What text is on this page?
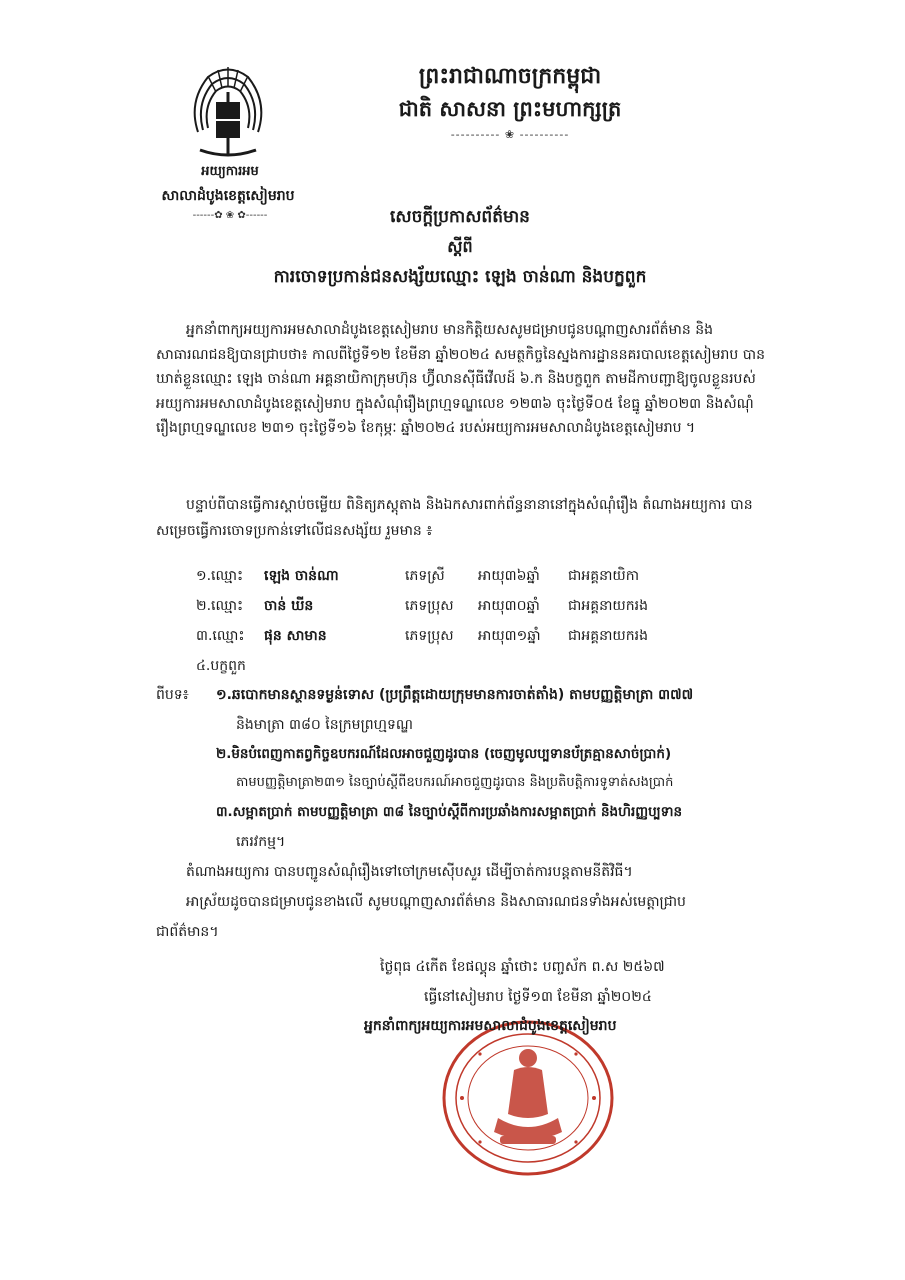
ព្រះរាជាណាចក្រកម្ពុជា
ជាតិ សាសនា ព្រះមហាក្សត្រ
---------- ❀ ----------
អយ្យការអម
សាលាដំបូងខេត្តសៀមរាប
------✿ ❀ ✿------	សេចក្តីប្រកាសព័ត៌មាន
ស្តីពី
ការចោទប្រកាន់ជនសង្ស័យឈ្មោះ ឡេង ចាន់ណា និងបក្ខពួក
អ្នកនាំពាក្យអយ្យការអមសាលាដំបូងខេត្តសៀមរាប មានកិត្តិយសសូមជម្រាបជូនបណ្តាញសារព័ត៌មាន និងសាធារណជនឱ្យបានជ្រាបថា៖ កាលពីថ្ងៃទី១២ ខែមីនា ឆ្នាំ២០២៤ សមត្ថកិច្ចនៃស្នងការដ្ឋាននគរបាលខេត្តសៀមរាប បានឃាត់ខ្លួនឈ្មោះ ឡេង ចាន់ណា អគ្គនាយិកាក្រុមហ៊ុន ហ្វ៊ីលានស៊ីធីវើលដ៍ ៦.ក និងបក្ខពួក តាមដីកាបញ្ជាឱ្យចូលខ្លួនរបស់អយ្យការអមសាលាដំបូងខេត្តសៀមរាប ក្នុងសំណុំរឿងព្រហ្មទណ្ឌលេខ ១២៣៦ ចុះថ្ងៃទី០៥ ខែធ្នូ ឆ្នាំ២០២៣ និងសំណុំរឿងព្រហ្មទណ្ឌលេខ ២៣១ ចុះថ្ងៃទី១៦ ខែកុម្ភៈ ឆ្នាំ២០២៤ របស់អយ្យការអមសាលាដំបូងខេត្តសៀមរាប ។
បន្ទាប់ពីបានធ្វើការស្តាប់ចម្លើយ ពិនិត្យភស្តុតាង និងឯកសារពាក់ព័ន្ធនានានៅក្នុងសំណុំរឿង តំណាងអយ្យការ បានសម្រេចធ្វើការចោទប្រកាន់ទៅលើជនសង្ស័យ រួមមាន ៖
១.ឈ្មោះ ឡេង ចាន់ណា	ភេទស្រី អាយុ៣៦ឆ្នាំ ជាអគ្គនាយិកា
២.ឈ្មោះ ចាន់ ឃីន	ភេទប្រុស អាយុ៣០ឆ្នាំ ជាអគ្គនាយករង
៣.ឈ្មោះ ផុន សាមាន	ភេទប្រុស អាយុ៣១ឆ្នាំ ជាអគ្គនាយករង
៤.បក្ខពួក
ពីបទ៖ ១.ឆបោកមានស្ថានទម្ងន់ទោស (ប្រព្រឹត្តដោយក្រុមមានការចាត់តាំង) តាមបញ្ញត្តិមាត្រា ៣៧៧
និងមាត្រា ៣៨០ នៃក្រមព្រហ្មទណ្ឌ
២.មិនបំពេញកាតព្វកិច្ចឧបករណ៍ដែលអាចជួញដូរបាន (ចេញមូលប្បទានប័ត្រគ្មានសាច់ប្រាក់)
តាមបញ្ញត្តិមាត្រា២៣១ នៃច្បាប់ស្តីពីឧបករណ៍អាចជួញដូរបាន និងប្រតិបត្តិការទូទាត់សងប្រាក់
៣.សម្អាតប្រាក់ តាមបញ្ញត្តិមាត្រា ៣៨ នៃច្បាប់ស្តីពីការប្រឆាំងការសម្អាតប្រាក់ និងហិរញ្ញប្បទាន
ភេរវកម្ម។
តំណាងអយ្យការ បានបញ្ជូនសំណុំរឿងទៅចៅក្រមស៊ើបសួរ ដើម្បីចាត់ការបន្តតាមនីតិវិធី។
អាស្រ័យដូចបានជម្រាបជូនខាងលើ សូមបណ្តាញសារព័ត៌មាន និងសាធារណជនទាំងអស់មេត្តាជ្រាប
ជាព័ត៌មាន។
ថ្ងៃពុធ ៤កើត ខែផល្គុន ឆ្នាំថោះ បញ្ចស័ក ព.ស ២៥៦៧
ធ្វើនៅសៀមរាប ថ្ងៃទី១៣ ខែមីនា ឆ្នាំ២០២៤
អ្នកនាំពាក្យអយ្យការអមសាលាដំបូងខេត្តសៀមរាប
